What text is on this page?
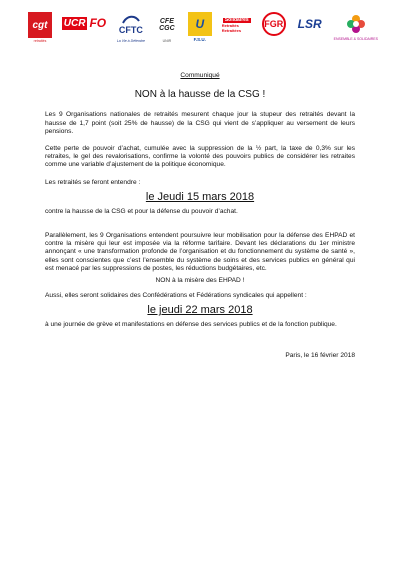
cgt
retraités
UCR FO CFTC
La Vie à Défendre
CFE
CGC
UNIR
U
F.S.U.
Solidaires
Retraités Retraitées
FGR LSR
ENSEMBLE & SOLIDAIRES

Communiqué

NON à la hausse de la CSG !

Les 9 Organisations nationales de retraités mesurent chaque jour la stupeur des retraités devant la hausse de 1,7 point (soit 25% de hausse) de la CSG qui vient de s’appliquer au versement de leurs pensions.

Cette perte de pouvoir d’achat, cumulée avec la suppression de la ½ part, la taxe de 0,3% sur les retraites, le gel des revalorisations, confirme la volonté des pouvoirs publics de considérer les retraites comme une variable d’ajustement de la politique économique.

Les retraités se feront entendre :

le Jeudi 15 mars 2018

contre la hausse de la CSG et pour la défense du pouvoir d’achat.

Parallèlement, les 9 Organisations entendent poursuivre leur mobilisation pour la défense des EHPAD et contre la misère qui leur est imposée via la réforme tarifaire. Devant les déclarations du 1er ministre annonçant « une transformation profonde de l’organisation et du fonctionnement du système de santé », elles sont conscientes que c’est l’ensemble du système de soins et des services publics en général qui est menacé par les suppressions de postes, les réductions budgétaires, etc.

NON à la misère des EHPAD !

Aussi, elles seront solidaires des Confédérations et Fédérations syndicales qui appellent :

le jeudi 22 mars 2018

à une journée de grève et manifestations en défense des services publics et de la fonction publique.

Paris, le 16 février 2018
